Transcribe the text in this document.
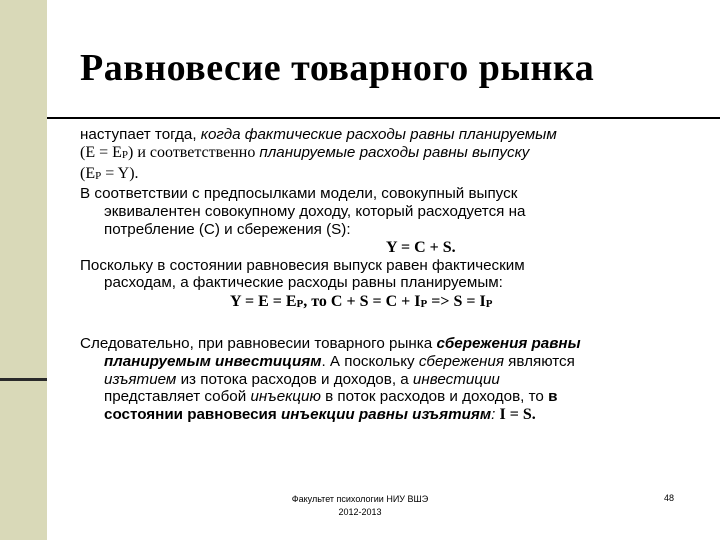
Равновесие товарного рынка
наступает тогда, когда фактические расходы равны планируемым
(E = EP) и соответственно планируемые расходы равны выпуску
(EP = Y).
В соответствии с предпосылками модели, совокупный выпуск
эквивалентен совокупному доходу, который расходуется на
потребление (C) и сбережения (S):
Y = C + S.
Поскольку в состоянии равновесия выпуск равен фактическим
расходам, а фактические расходы равны планируемым:
Y = E = EP, то C + S = C + IP => S = IP
Следовательно, при равновесии товарного рынка сбережения равны
планируемым инвестициям. А поскольку сбережения являются
изъятием из потока расходов и доходов, а инвестиции
представляет собой инъекцию в поток расходов и доходов, то в
состоянии равновесия инъекции равны изъятиям: I = S.
Факультет психологии НИУ ВШЭ
2012-2013
48
